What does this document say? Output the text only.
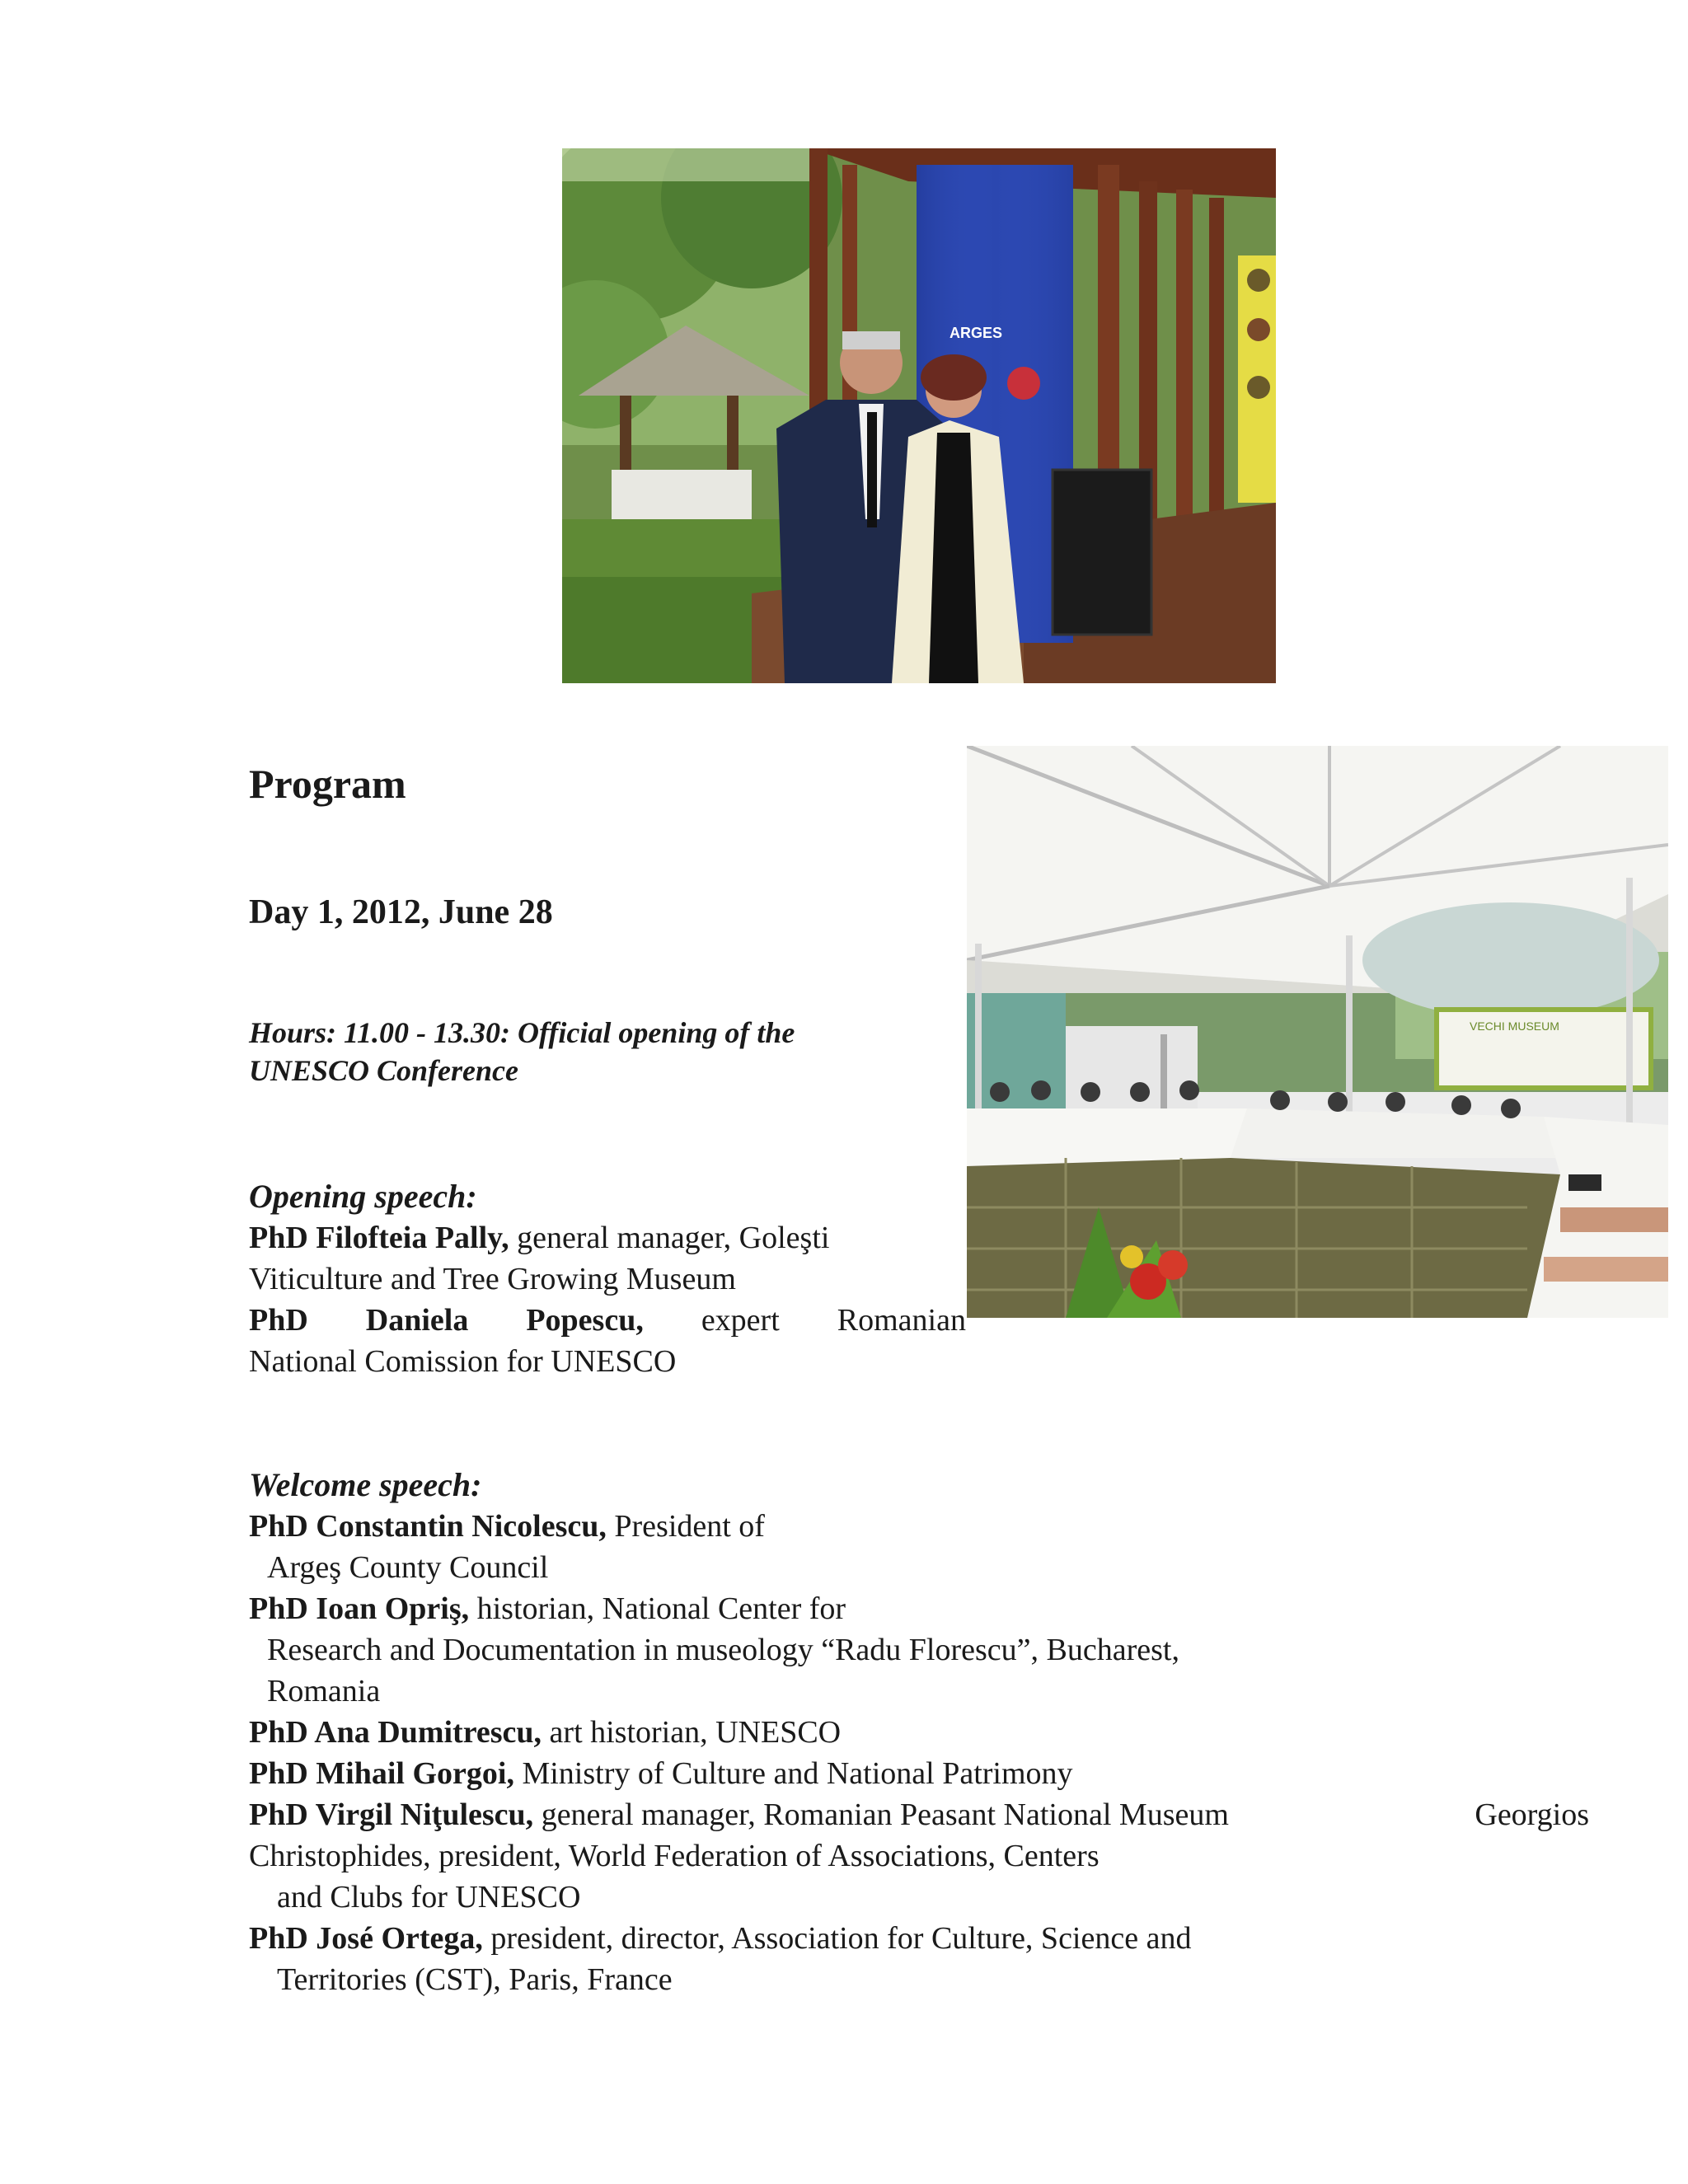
ARGES
VECHI MUSEUM
Program
Day 1, 2012, June 28
Hours: 11.00 - 13.30: Official opening of the
UNESCO Conference
Opening speech:
PhD Filofteia Pally, general manager, Goleşti
Viticulture and Tree Growing Museum
PhD Daniela Popescu, expert Romanian
National Comission for UNESCO
Welcome speech:
PhD Constantin Nicolescu, President of
Argeş County Council
PhD Ioan Opriş, historian, National Center for
Research and Documentation in museology “Radu Florescu”, Bucharest,
Romania
PhD Ana Dumitrescu, art historian, UNESCO
PhD Mihail Gorgoi, Ministry of Culture and National Patrimony
PhD Virgil Niţulescu, general manager, Romanian Peasant National Museum	Georgios
Christophides, president, World Federation of Associations, Centers
and Clubs for UNESCO
PhD José Ortega, president, director, Association for Culture, Science and
Territories (CST), Paris, France
